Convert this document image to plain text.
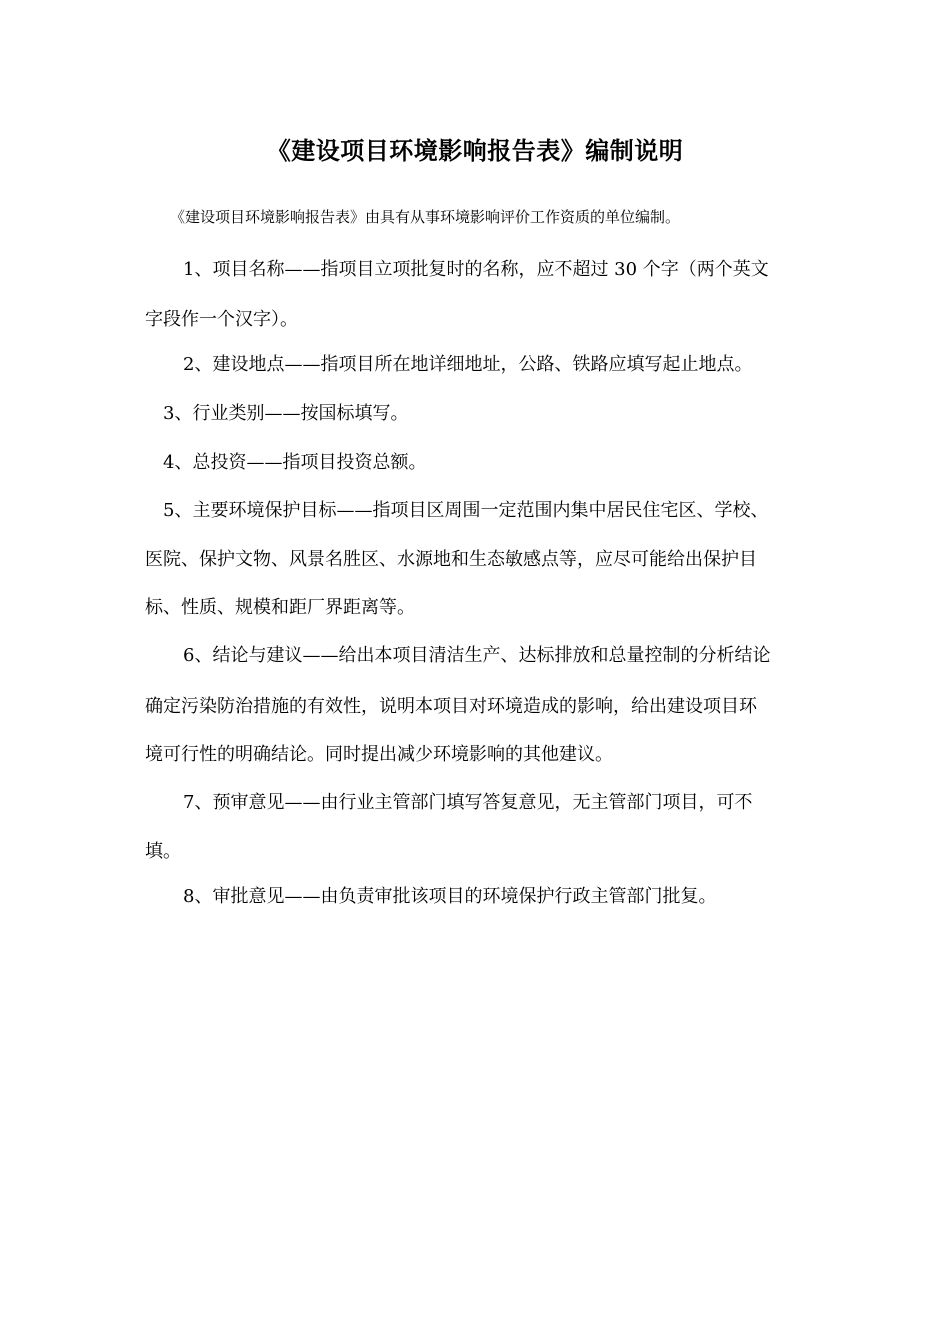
《建设项目环境影响报告表》编制说明
《建设项目环境影响报告表》由具有从事环境影响评价工作资质的单位编制。
1、项目名称——指项目立项批复时的名称，应不超过 30 个字（两个英文
字段作一个汉字）。
2、建设地点——指项目所在地详细地址，公路、铁路应填写起止地点。
3、行业类别——按国标填写。
4、总投资——指项目投资总额。
5、主要环境保护目标——指项目区周围一定范围内集中居民住宅区、学校、
医院、保护文物、风景名胜区、水源地和生态敏感点等，应尽可能给出保护目
标、性质、规模和距厂界距离等。
6、结论与建议——给出本项目清洁生产、达标排放和总量控制的分析结论
确定污染防治措施的有效性，说明本项目对环境造成的影响，给出建设项目环
境可行性的明确结论。同时提出减少环境影响的其他建议。
7、预审意见——由行业主管部门填写答复意见，无主管部门项目，可不
填。
8、审批意见——由负责审批该项目的环境保护行政主管部门批复。
